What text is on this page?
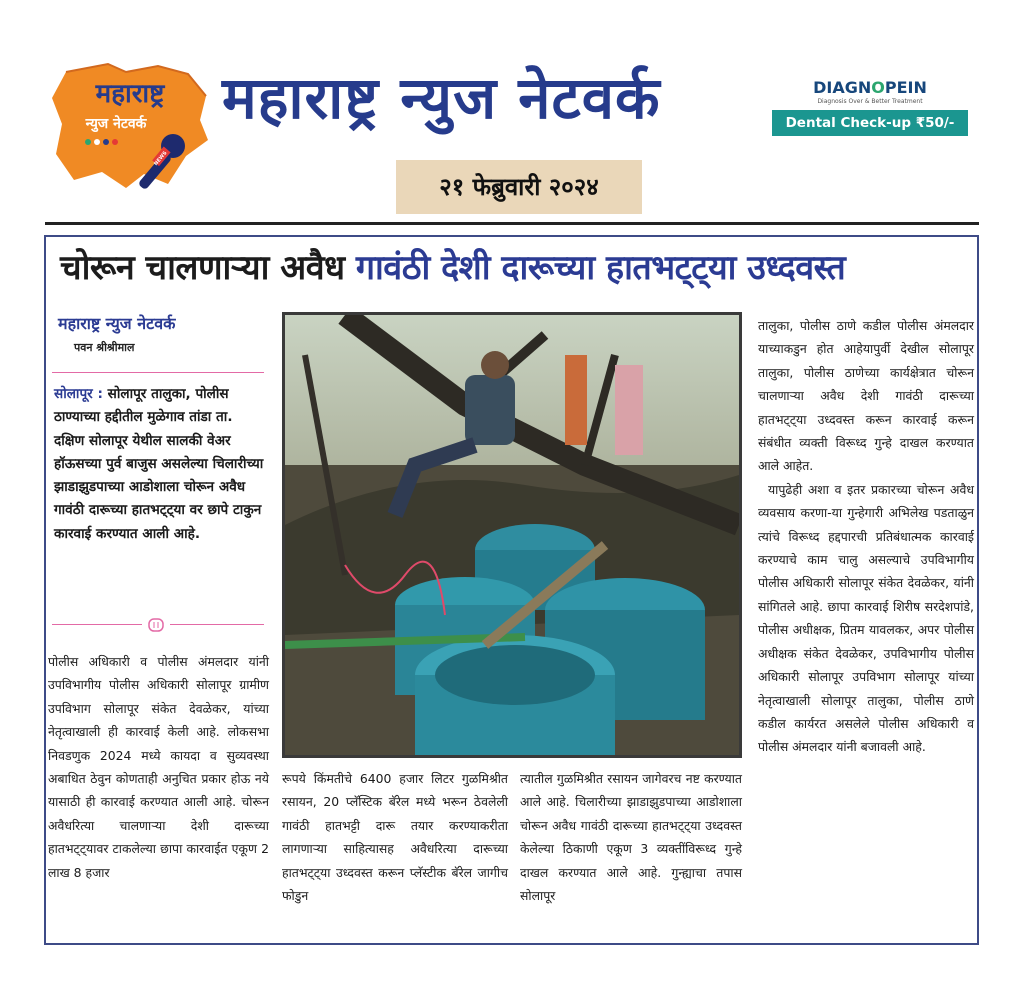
महाराष्ट्र
न्युज नेटवर्क
NEWS
महाराष्ट्र न्युज नेटवर्क
२१ फेब्रुवारी २०२४
DIAGNOPEIN
Diagnosis Over & Better Treatment
Dental Check-up ₹50/-
चोरून चालणाऱ्या अवैध गावंठी देशी दारूच्या हातभट्ट्या उध्दवस्त
महाराष्ट्र न्युज नेटवर्क
पवन श्रीश्रीमाल
सोलापूर : सोलापूर तालुका, पोलीस ठाण्याच्या हद्दीतील मुळेगाव तांडा ता. दक्षिण सोलापूर येथील सालकी वेअर हॉऊसच्या पुर्व बाजुस असलेल्या चिलारीच्या झाडाझुडपाच्या आडोशाला चोरून अवैध गावंठी दारूच्या हातभट्ट्या वर छापे टाकुन कारवाई करण्यात आली आहे.
पोलीस अधिकारी व पोलीस अंमलदार यांनी उपविभागीय पोलीस अधिकारी सोलापूर ग्रामीण उपविभाग सोलापूर संकेत देवळेकर, यांच्या नेतृत्वाखाली ही कारवाई केली आहे. लोकसभा निवडणुक 2024 मध्ये कायदा व सुव्यवस्था अबाधित ठेवुन कोणताही अनुचित प्रकार होऊ नये यासाठी ही कारवाई करण्यात आली आहे. चोरून अवैधरित्या चालणाऱ्या देशी दारूच्या हातभट्ट्यावर टाकलेल्या छापा कारवाईत एकूण 2 लाख 8 हजार
रूपये किंमतीचे 6400 हजार लिटर गुळमिश्रीत रसायन, 20 प्लॅस्टिक बॅरेल मध्ये भरून ठेवलेली गावंठी हातभट्टी दारू तयार करण्याकरीता लागणाऱ्या साहित्यासह अवैधरित्या दारूच्या हातभट्ट्या उध्दवस्त करून प्लॅस्टीक बॅरेल जागीच फोडुन
त्यातील गुळमिश्रीत रसायन जागेवरच नष्ट करण्यात आले आहे. चिलारीच्या झाडाझुडपाच्या आडोशाला चोरून अवैध गावंठी दारूच्या हातभट्ट्या उध्दवस्त केलेल्या ठिकाणी एकूण 3 व्यक्तींविरूध्द गुन्हे दाखल करण्यात आले आहे. गुन्ह्याचा तपास सोलापूर

तालुका, पोलीस ठाणे कडील पोलीस अंमलदार याच्याकडुन होत आहेयापुर्वी देखील सोलापूर तालुका, पोलीस ठाणेच्या कार्यक्षेत्रात चोरून चालणाऱ्या अवैध देशी गावंठी दारूच्या हातभट्ट्या उध्दवस्त करून कारवाई करून संबंधीत व्यक्ती विरूध्द गुन्हे दाखल करण्यात आले आहेत.

यापुढेही अशा व इतर प्रकारच्या चोरून अवैध व्यवसाय करणा-या गुन्हेगारी अभिलेख पडताळुन त्यांचे विरूध्द हद्दपारची प्रतिबंधात्मक कारवाई करण्याचे काम चालु असल्याचे उपविभागीय पोलीस अधिकारी सोलापूर संकेत देवळेकर, यांनी सांगितले आहे. छापा कारवाई शिरीष सरदेशपांडे, पोलीस अधीक्षक, प्रितम यावलकर, अपर पोलीस अधीक्षक संकेत देवळेकर, उपविभागीय पोलीस अधिकारी सोलापूर उपविभाग सोलापूर यांच्या नेतृत्वाखाली सोलापूर तालुका, पोलीस ठाणे कडील कार्यरत असलेले पोलीस अधिकारी व पोलीस अंमलदार यांनी बजावली आहे.
